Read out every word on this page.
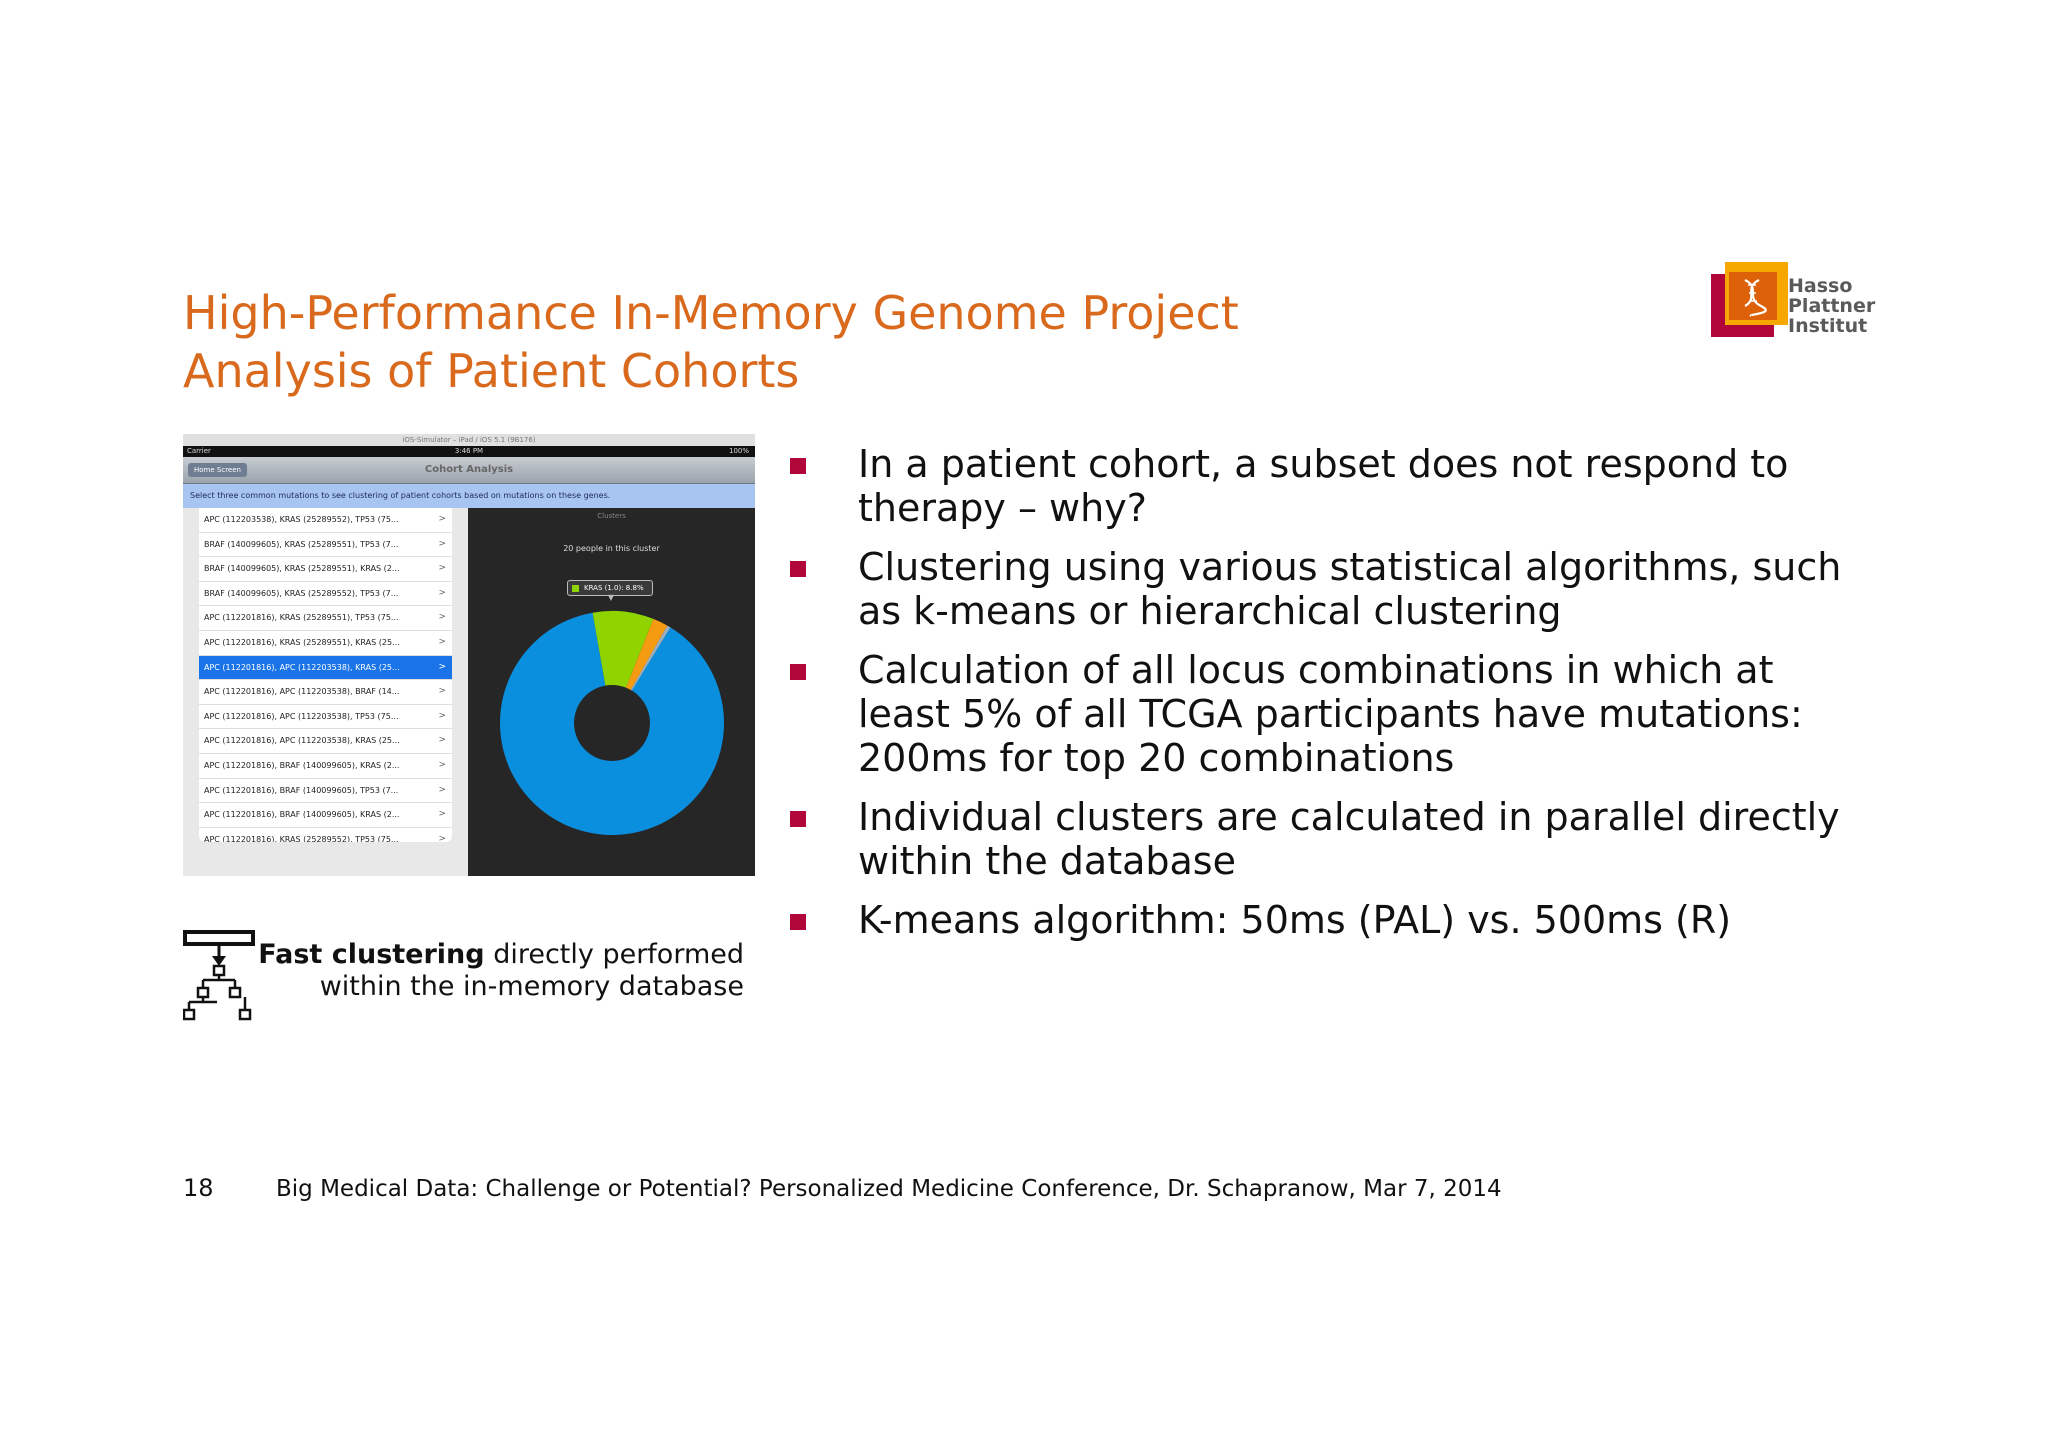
High-Performance In-Memory Genome Project
Analysis of Patient Cohorts
Hasso
Plattner
Institut
iOS-Simulator – iPad / iOS 5.1 (9B176)
Carrier	3:46 PM	100%
Cohort Analysis
Home Screen
Select three common mutations to see clustering of patient cohorts based on mutations on these genes.
APC (112203538), KRAS (25289552), TP53 (75...	>
BRAF (140099605), KRAS (25289551), TP53 (7...	>
BRAF (140099605), KRAS (25289551), KRAS (2...	>
BRAF (140099605), KRAS (25289552), TP53 (7...	>
APC (112201816), KRAS (25289551), TP53 (75...	>
APC (112201816), KRAS (25289551), KRAS (25...	>
APC (112201816), APC (112203538), KRAS (25...	>
APC (112201816), APC (112203538), BRAF (14...	>
APC (112201816), APC (112203538), TP53 (75...	>
APC (112201816), APC (112203538), KRAS (25...	>
APC (112201816), BRAF (140099605), KRAS (2...	>
APC (112201816), BRAF (140099605), TP53 (7...	>
APC (112201816), BRAF (140099605), KRAS (2...	>
APC (112201816), KRAS (25289552), TP53 (75...	>
Clusters
20 people in this cluster
KRAS (1.0): 8.8%
▼
Fast clustering directly performed
within the in-memory database
In a patient cohort, a subset does not respond to therapy – why?
Clustering using various statistical algorithms, such as k-means or hierarchical clustering
Calculation of all locus combinations in which at least 5% of all TCGA participants have mutations: 200ms for top 20 combinations
Individual clusters are calculated in parallel directly within the database
K-means algorithm: 50ms (PAL) vs. 500ms (R)
18	Big Medical Data: Challenge or Potential? Personalized Medicine Conference, Dr. Schapranow, Mar 7, 2014
